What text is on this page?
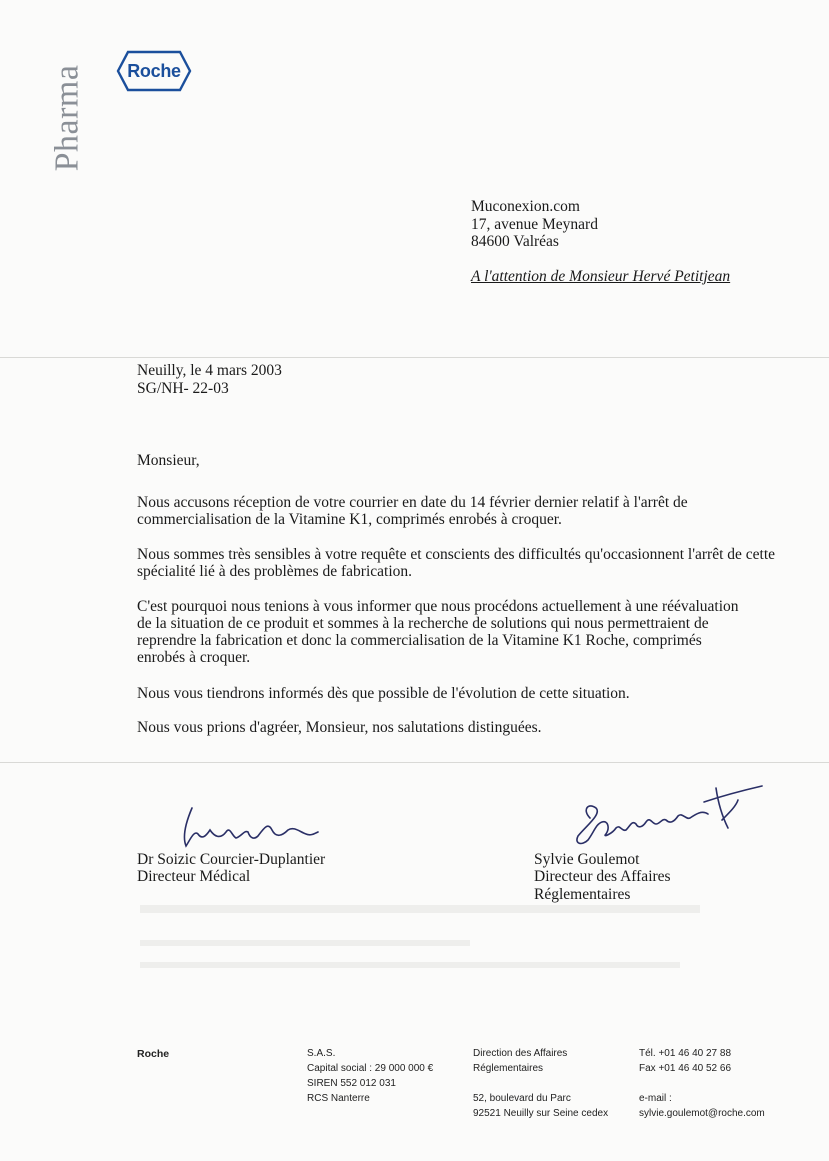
Pharma	Roche
Muconexion.com
17, avenue Meynard
84600 Valréas
A l'attention de Monsieur Hervé Petitjean
Neuilly, le 4 mars 2003
SG/NH- 22-03
Monsieur,
Nous accusons réception de votre courrier en date du 14 février dernier relatif à l'arrêt de commercialisation de la Vitamine K1, comprimés enrobés à croquer.
Nous sommes très sensibles à votre requête et conscients des difficultés qu'occasionnent l'arrêt de cette spécialité lié à des problèmes de fabrication.
C'est pourquoi nous tenions à vous informer que nous procédons actuellement à une réévaluation de la situation de ce produit et sommes à la recherche de solutions qui nous permettraient de reprendre la fabrication et donc la commercialisation de la Vitamine K1 Roche, comprimés enrobés à croquer.
Nous vous tiendrons informés dès que possible de l'évolution de cette situation.
Nous vous prions d'agréer, Monsieur, nos salutations distinguées.
Dr Soizic Courcier-Duplantier
Directeur Médical
Sylvie Goulemot
Directeur des Affaires
Réglementaires
Roche	S.A.S.
Capital social : 29 000 000 €
SIREN 552 012 031
RCS Nanterre
Direction des Affaires
Réglementaires
52, boulevard du Parc
92521 Neuilly sur Seine cedex
Tél. +01 46 40 27 88
Fax +01 46 40 52 66
e-mail :
sylvie.goulemot@roche.com
